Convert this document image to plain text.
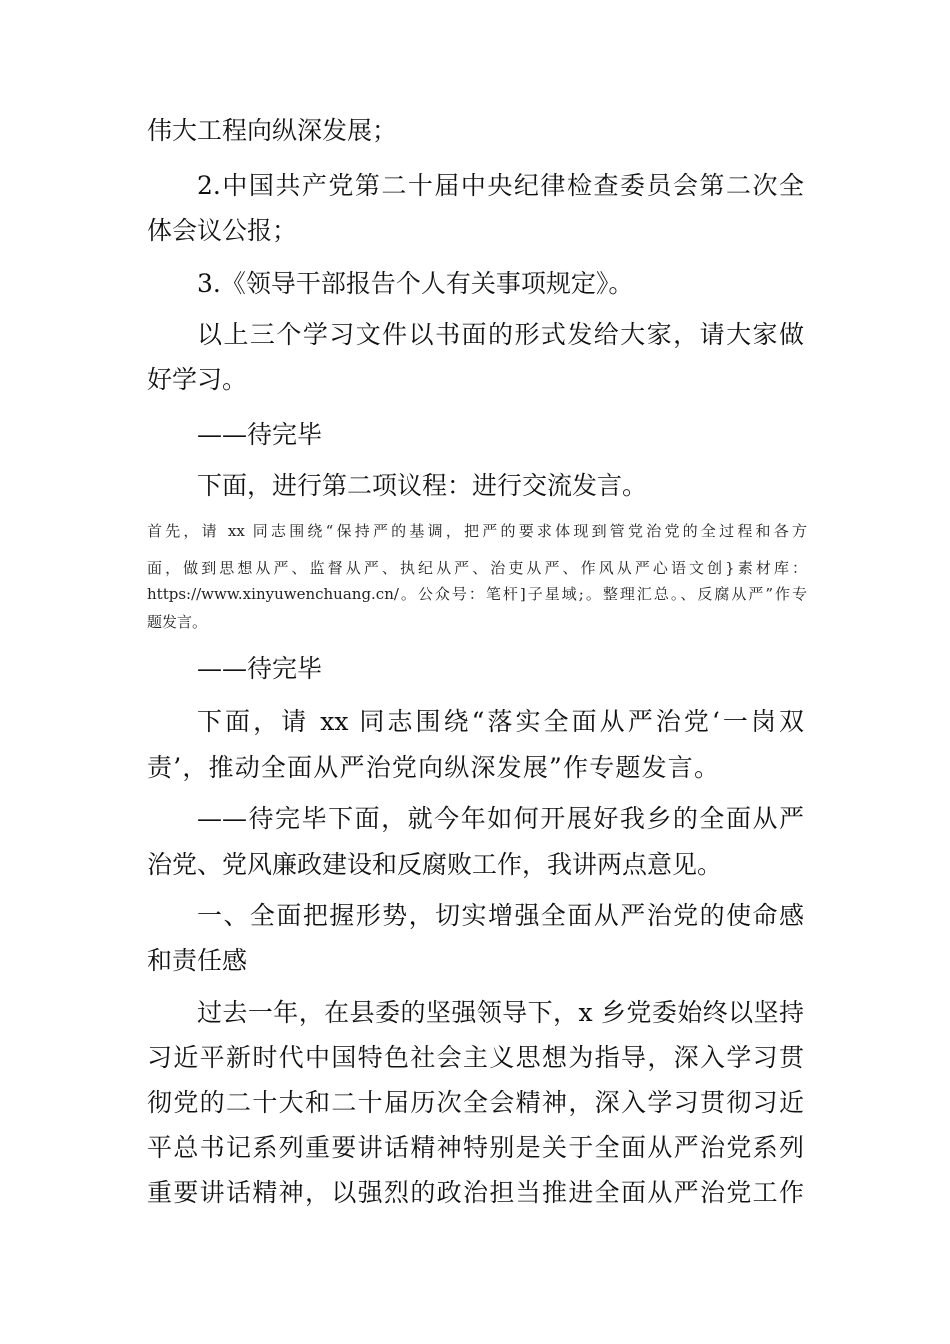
伟大工程向纵深发展；
2.中国共产党第二十届中央纪律检查委员会第二次全
体会议公报；
3.《领导干部报告个人有关事项规定》。
以上三个学习文件以书面的形式发给大家，请大家做
好学习。
——待完毕
下面，进行第二项议程：进行交流发言。
首先，请 xx 同志围绕“保持严的基调，把严的要求体现到管党治党的全过程和各方
面，做到思想从严、监督从严、执纪从严、治吏从严、作风从严心语文创}素材库：
https://www.xinyuwenchuang.cn/。公众号：笔杆]子星域;。整理汇总。、反腐从严”作专
题发言。
——待完毕
下面，请 xx 同志围绕“落实全面从严治党‘一岗双
责’，推动全面从严治党向纵深发展”作专题发言。
——待完毕下面，就今年如何开展好我乡的全面从严
治党、党风廉政建设和反腐败工作，我讲两点意见。
一、全面把握形势，切实增强全面从严治党的使命感
和责任感
过去一年，在县委的坚强领导下，x 乡党委始终以坚持
习近平新时代中国特色社会主义思想为指导，深入学习贯
彻党的二十大和二十届历次全会精神，深入学习贯彻习近
平总书记系列重要讲话精神特别是关于全面从严治党系列
重要讲话精神，以强烈的政治担当推进全面从严治党工作
